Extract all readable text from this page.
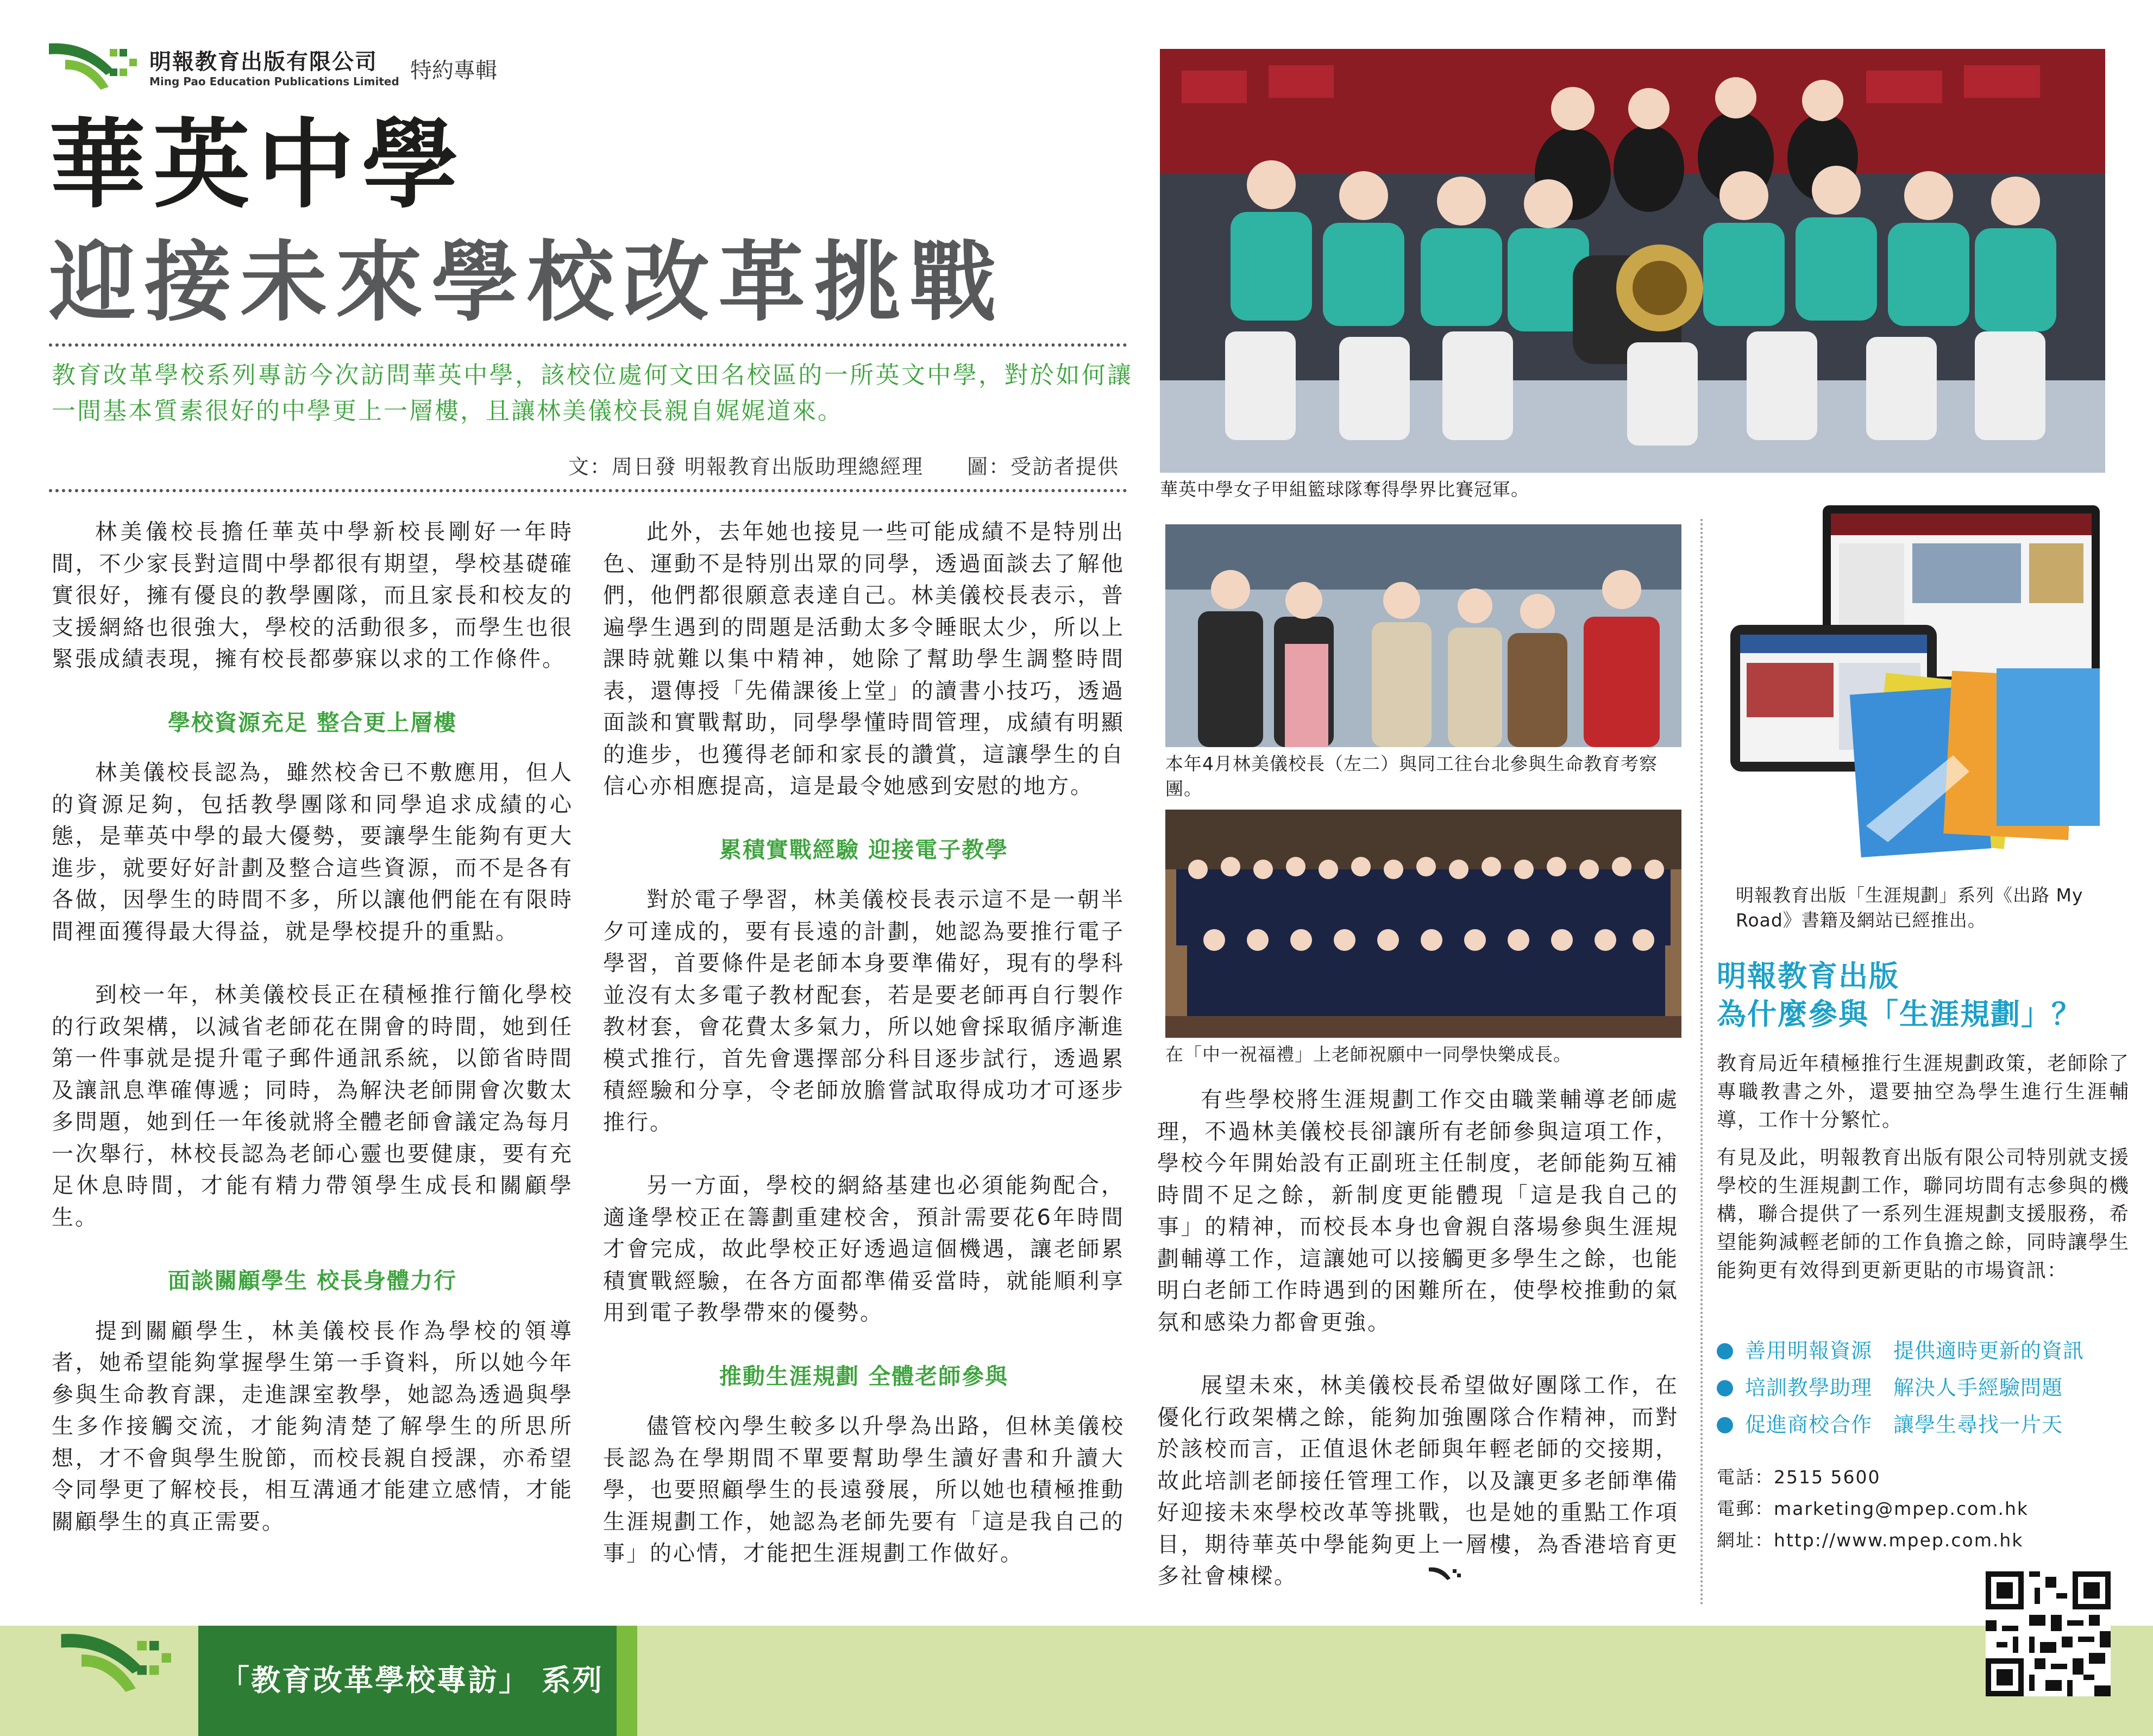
明報教育出版有限公司
Ming Pao Education Publications Limited 特約專輯
華英中學
迎接未來學校改革挑戰
教育改革學校系列專訪今次訪問華英中學，該校位處何文田名校區的一所英文中學，對於如何讓一間基本質素很好的中學更上一層樓，且讓林美儀校長親自娓娓道來。
文：周日發 明報教育出版助理總經理　　圖：受訪者提供

林美儀校長擔任華英中學新校長剛好一年時間，不少家長對這間中學都很有期望，學校基礎確實很好，擁有優良的教學團隊，而且家長和校友的支援網絡也很強大，學校的活動很多，而學生也很緊張成績表現，擁有校長都夢寐以求的工作條件。

學校資源充足 整合更上層樓

林美儀校長認為，雖然校舍已不敷應用，但人的資源足夠，包括教學團隊和同學追求成績的心態，是華英中學的最大優勢，要讓學生能夠有更大進步，就要好好計劃及整合這些資源，而不是各有各做，因學生的時間不多，所以讓他們能在有限時間裡面獲得最大得益，就是學校提升的重點。

到校一年，林美儀校長正在積極推行簡化學校的行政架構，以減省老師花在開會的時間，她到任第一件事就是提升電子郵件通訊系統，以節省時間及讓訊息準確傳遞；同時，為解決老師開會次數太多問題，她到任一年後就將全體老師會議定為每月一次舉行，林校長認為老師心靈也要健康，要有充足休息時間，才能有精力帶領學生成長和關顧學生。

面談關顧學生 校長身體力行

提到關顧學生，林美儀校長作為學校的領導者，她希望能夠掌握學生第一手資料，所以她今年參與生命教育課，走進課室教學，她認為透過與學生多作接觸交流，才能夠清楚了解學生的所思所想，才不會與學生脫節，而校長親自授課，亦希望令同學更了解校長，相互溝通才能建立感情，才能關顧學生的真正需要。

此外，去年她也接見一些可能成績不是特別出色、運動不是特別出眾的同學，透過面談去了解他們，他們都很願意表達自己。林美儀校長表示，普遍學生遇到的問題是活動太多令睡眠太少，所以上課時就難以集中精神，她除了幫助學生調整時間表，還傳授「先備課後上堂」的讀書小技巧，透過面談和實戰幫助，同學學懂時間管理，成績有明顯的進步，也獲得老師和家長的讚賞，這讓學生的自信心亦相應提高，這是最令她感到安慰的地方。

累積實戰經驗 迎接電子教學

對於電子學習，林美儀校長表示這不是一朝半夕可達成的，要有長遠的計劃，她認為要推行電子學習，首要條件是老師本身要準備好，現有的學科並沒有太多電子教材配套，若是要老師再自行製作教材套，會花費太多氣力，所以她會採取循序漸進模式推行，首先會選擇部分科目逐步試行，透過累積經驗和分享，令老師放膽嘗試取得成功才可逐步推行。

另一方面，學校的網絡基建也必須能夠配合，適逢學校正在籌劃重建校舍，預計需要花6年時間才會完成，故此學校正好透過這個機遇，讓老師累積實戰經驗，在各方面都準備妥當時，就能順利享用到電子教學帶來的優勢。

推動生涯規劃 全體老師參與

儘管校內學生較多以升學為出路，但林美儀校長認為在學期間不單要幫助學生讀好書和升讀大學，也要照顧學生的長遠發展，所以她也積極推動生涯規劃工作，她認為老師先要有「這是我自己的事」的心情，才能把生涯規劃工作做好。

華英中學女子甲組籃球隊奪得學界比賽冠軍。
本年4月林美儀校長（左二）與同工往台北參與生命教育考察團。
在「中一祝福禮」上老師祝願中一同學快樂成長。

有些學校將生涯規劃工作交由職業輔導老師處理，不過林美儀校長卻讓所有老師參與這項工作，學校今年開始設有正副班主任制度，老師能夠互補時間不足之餘，新制度更能體現「這是我自己的事」的精神，而校長本身也會親自落場參與生涯規劃輔導工作，這讓她可以接觸更多學生之餘，也能明白老師工作時遇到的困難所在，使學校推動的氣氛和感染力都會更強。

展望未來，林美儀校長希望做好團隊工作，在優化行政架構之餘，能夠加強團隊合作精神，而對於該校而言，正值退休老師與年輕老師的交接期，故此培訓老師接任管理工作，以及讓更多老師準備好迎接未來學校改革等挑戰，也是她的重點工作項目，期待華英中學能夠更上一層樓，為香港培育更多社會棟樑。

明報教育出版「生涯規劃」系列《出路 My Road》書籍及網站已經推出。
明報教育出版
為什麼參與「生涯規劃」？
教育局近年積極推行生涯規劃政策，老師除了專職教書之外，還要抽空為學生進行生涯輔導，工作十分繁忙。
有見及此，明報教育出版有限公司特別就支援學校的生涯規劃工作，聯同坊間有志參與的機構，聯合提供了一系列生涯規劃支援服務，希望能夠減輕老師的工作負擔之餘，同時讓學生能夠更有效得到更新更貼的市場資訊：
善用明報資源　提供適時更新的資訊
培訓教學助理　解決人手經驗問題
促進商校合作　讓學生尋找一片天
電話：2515 5600
電郵：marketing@mpep.com.hk
網址：http://www.mpep.com.hk
「教育改革學校專訪」 系列
